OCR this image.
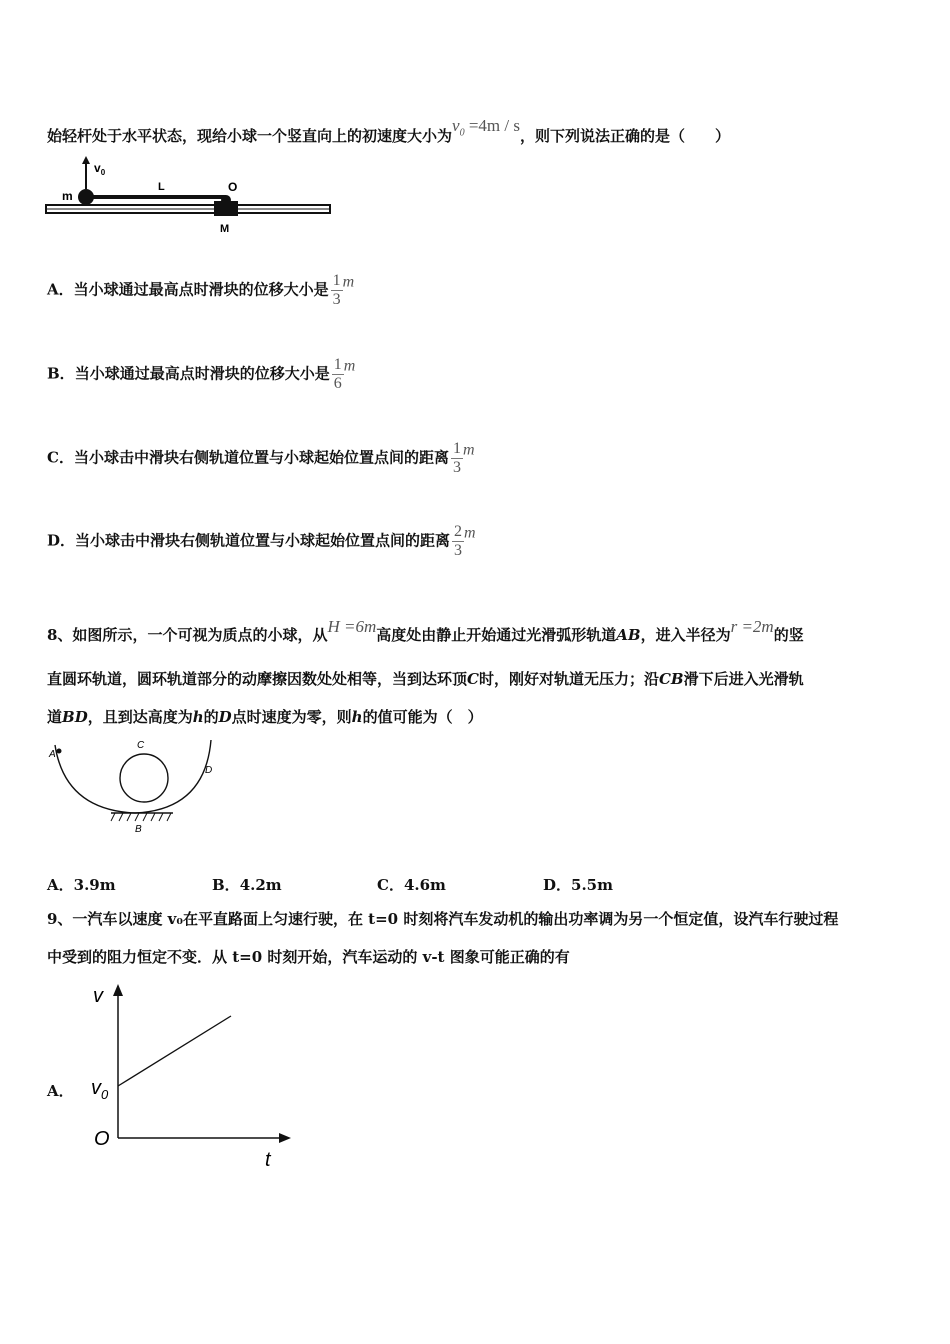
始轻杆处于水平状态，现给小球一个竖直向上的初速度大小为$v_0 =4m / s$，则下列说法正确的是（　　）
$v_0$
m
L	O
M
A．当小球通过最高点时滑块的位移大小是 $\frac{1}{3}$ m
B．当小球通过最高点时滑块的位移大小是 $\frac{1}{6}$ m
C．当小球击中滑块右侧轨道位置与小球起始位置点间的距离 $\frac{1}{3}$ m
D．当小球击中滑块右侧轨道位置与小球起始位置点间的距离 $\frac{2}{3}$ m
8、如图所示，一个可视为质点的小球，从H =6m高度处由静止开始通过光滑弧形轨道AB，进入半径为r =2m的竖
直圆环轨道，圆环轨道部分的动摩擦因数处处相等，当到达环顶C时，刚好对轨道无压力；沿CB滑下后进入光滑轨
道BD，且到达高度为h的D点时速度为零，则h的值可能为（　）
A
C
D
B
A．3.9m	B．4.2m	C．4.6m	D．5.5m
9、一汽车以速度 v₀在平直路面上匀速行驶，在 t=0 时刻将汽车发动机的输出功率调为另一个恒定值，设汽车行驶过程
中受到的阻力恒定不变．从 t=0 时刻开始，汽车运动的 v-t 图象可能正确的有
A．
v
$v_0$
O
t
